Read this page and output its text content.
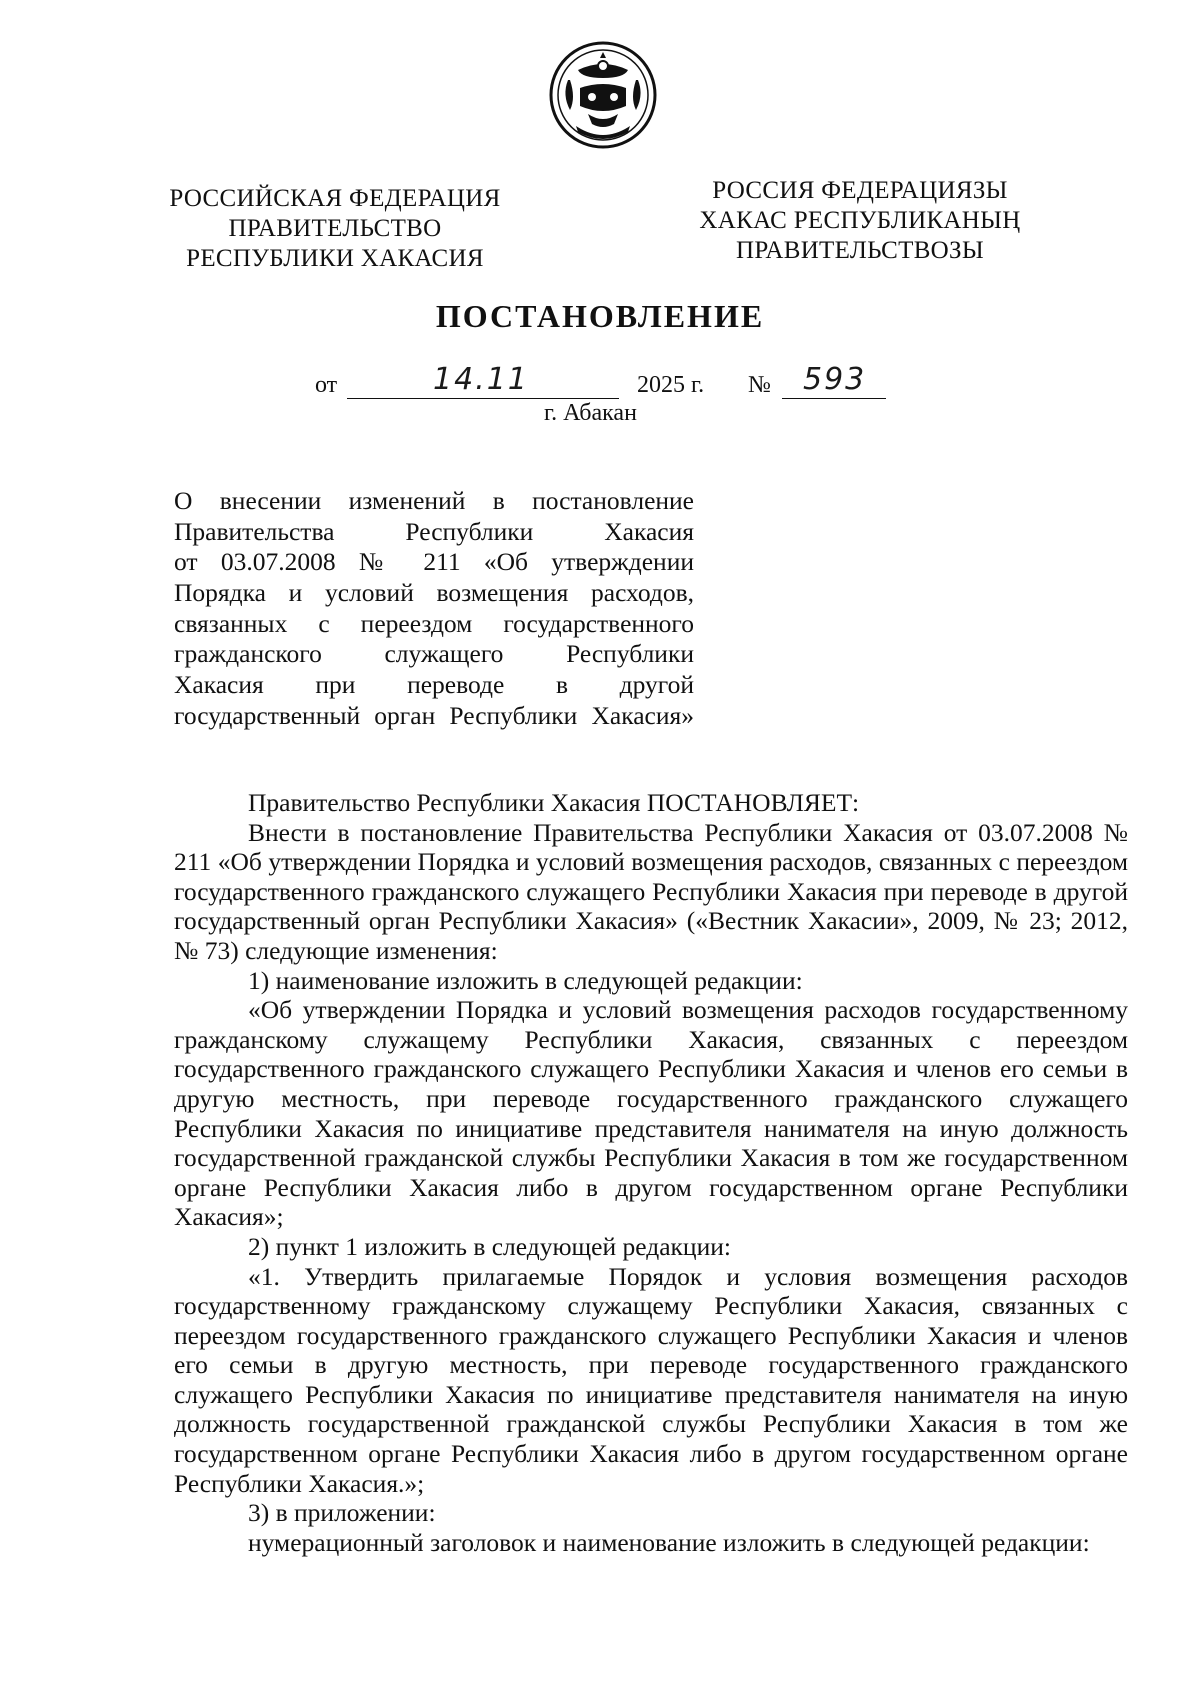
РОССИЙСКАЯ ФЕДЕРАЦИЯ
ПРАВИТЕЛЬСТВО
РЕСПУБЛИКИ ХАКАСИЯ
РОССИЯ ФЕДЕРАЦИЯЗЫ
ХАКАС РЕСПУБЛИКАНЫҢ
ПРАВИТЕЛЬСТВОЗЫ
ПОСТАНОВЛЕНИЕ
от	14.11	2025 г. № 593
г. Абакан
О внесении изменений в постановление
Правительства Республики Хакасия
от 03.07.2008 № 211 «Об утверждении
Порядка и условий возмещения расходов,
связанных с переездом государственного
гражданского служащего Республики
Хакасия при переводе в другой
государственный орган Республики Хакасия»
Правительство Республики Хакасия ПОСТАНОВЛЯЕТ:
Внести в постановление Правительства Республики Хакасия от 03.07.2008 № 211 «Об утверждении Порядка и условий возмещения расходов, связанных с переездом государственного гражданского служащего Республики Хакасия при переводе в другой государственный орган Республики Хакасия» («Вестник Хакасии», 2009, № 23; 2012, № 73) следующие изменения:
1) наименование изложить в следующей редакции:
«Об утверждении Порядка и условий возмещения расходов государственному гражданскому служащему Республики Хакасия, связанных с переездом государственного гражданского служащего Республики Хакасия и членов его семьи в другую местность, при переводе государственного гражданского служащего Республики Хакасия по инициативе представителя нанимателя на иную должность государственной гражданской службы Республики Хакасия в том же государственном органе Республики Хакасия либо в другом государственном органе Республики Хакасия»;
2) пункт 1 изложить в следующей редакции:
«1. Утвердить прилагаемые Порядок и условия возмещения расходов государственному гражданскому служащему Республики Хакасия, связанных с переездом государственного гражданского служащего Республики Хакасия и членов его семьи в другую местность, при переводе государственного гражданского служащего Республики Хакасия по инициативе представителя нанимателя на иную должность государственной гражданской службы Республики Хакасия в том же государственном органе Республики Хакасия либо в другом государственном органе Республики Хакасия.»;
3) в приложении:
нумерационный заголовок и наименование изложить в следующей редакции:
